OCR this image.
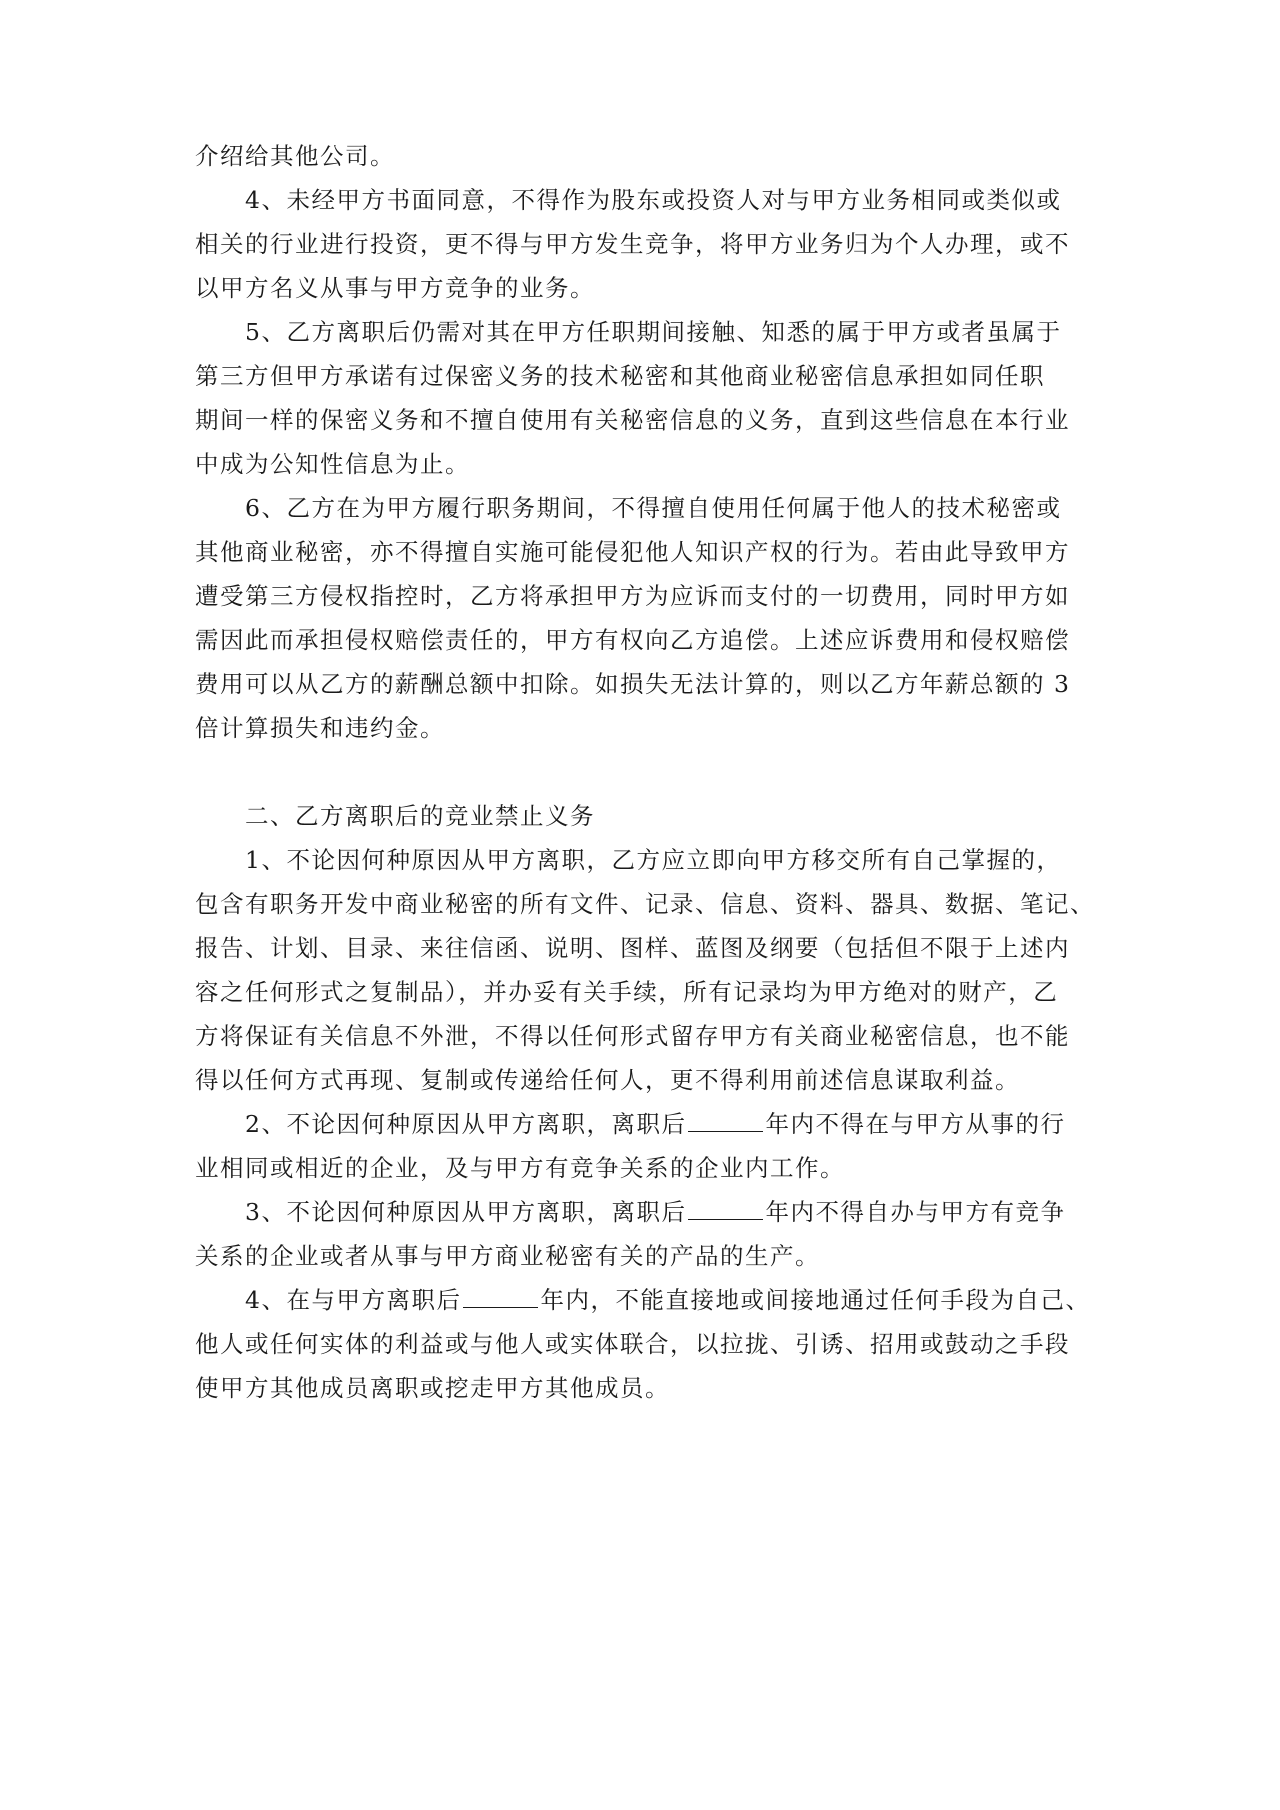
介绍给其他公司。
4、未经甲方书面同意，不得作为股东或投资人对与甲方业务相同或类似或
相关的行业进行投资，更不得与甲方发生竞争，将甲方业务归为个人办理，或不
以甲方名义从事与甲方竞争的业务。
5、乙方离职后仍需对其在甲方任职期间接触、知悉的属于甲方或者虽属于
第三方但甲方承诺有过保密义务的技术秘密和其他商业秘密信息承担如同任职
期间一样的保密义务和不擅自使用有关秘密信息的义务，直到这些信息在本行业
中成为公知性信息为止。
6、乙方在为甲方履行职务期间，不得擅自使用任何属于他人的技术秘密或
其他商业秘密，亦不得擅自实施可能侵犯他人知识产权的行为。若由此导致甲方
遭受第三方侵权指控时，乙方将承担甲方为应诉而支付的一切费用，同时甲方如
需因此而承担侵权赔偿责任的，甲方有权向乙方追偿。上述应诉费用和侵权赔偿
费用可以从乙方的薪酬总额中扣除。如损失无法计算的，则以乙方年薪总额的 3
倍计算损失和违约金。
二、乙方离职后的竞业禁止义务
1、不论因何种原因从甲方离职，乙方应立即向甲方移交所有自己掌握的，
包含有职务开发中商业秘密的所有文件、记录、信息、资料、器具、数据、笔记、
报告、计划、目录、来往信函、说明、图样、蓝图及纲要（包括但不限于上述内
容之任何形式之复制品），并办妥有关手续，所有记录均为甲方绝对的财产，乙
方将保证有关信息不外泄，不得以任何形式留存甲方有关商业秘密信息，也不能
得以任何方式再现、复制或传递给任何人，更不得利用前述信息谋取利益。
2、不论因何种原因从甲方离职，离职后	年内不得在与甲方从事的行
业相同或相近的企业，及与甲方有竞争关系的企业内工作。
3、不论因何种原因从甲方离职，离职后	年内不得自办与甲方有竞争
关系的企业或者从事与甲方商业秘密有关的产品的生产。
4、在与甲方离职后	年内，不能直接地或间接地通过任何手段为自己、
他人或任何实体的利益或与他人或实体联合，以拉拢、引诱、招用或鼓动之手段
使甲方其他成员离职或挖走甲方其他成员。
